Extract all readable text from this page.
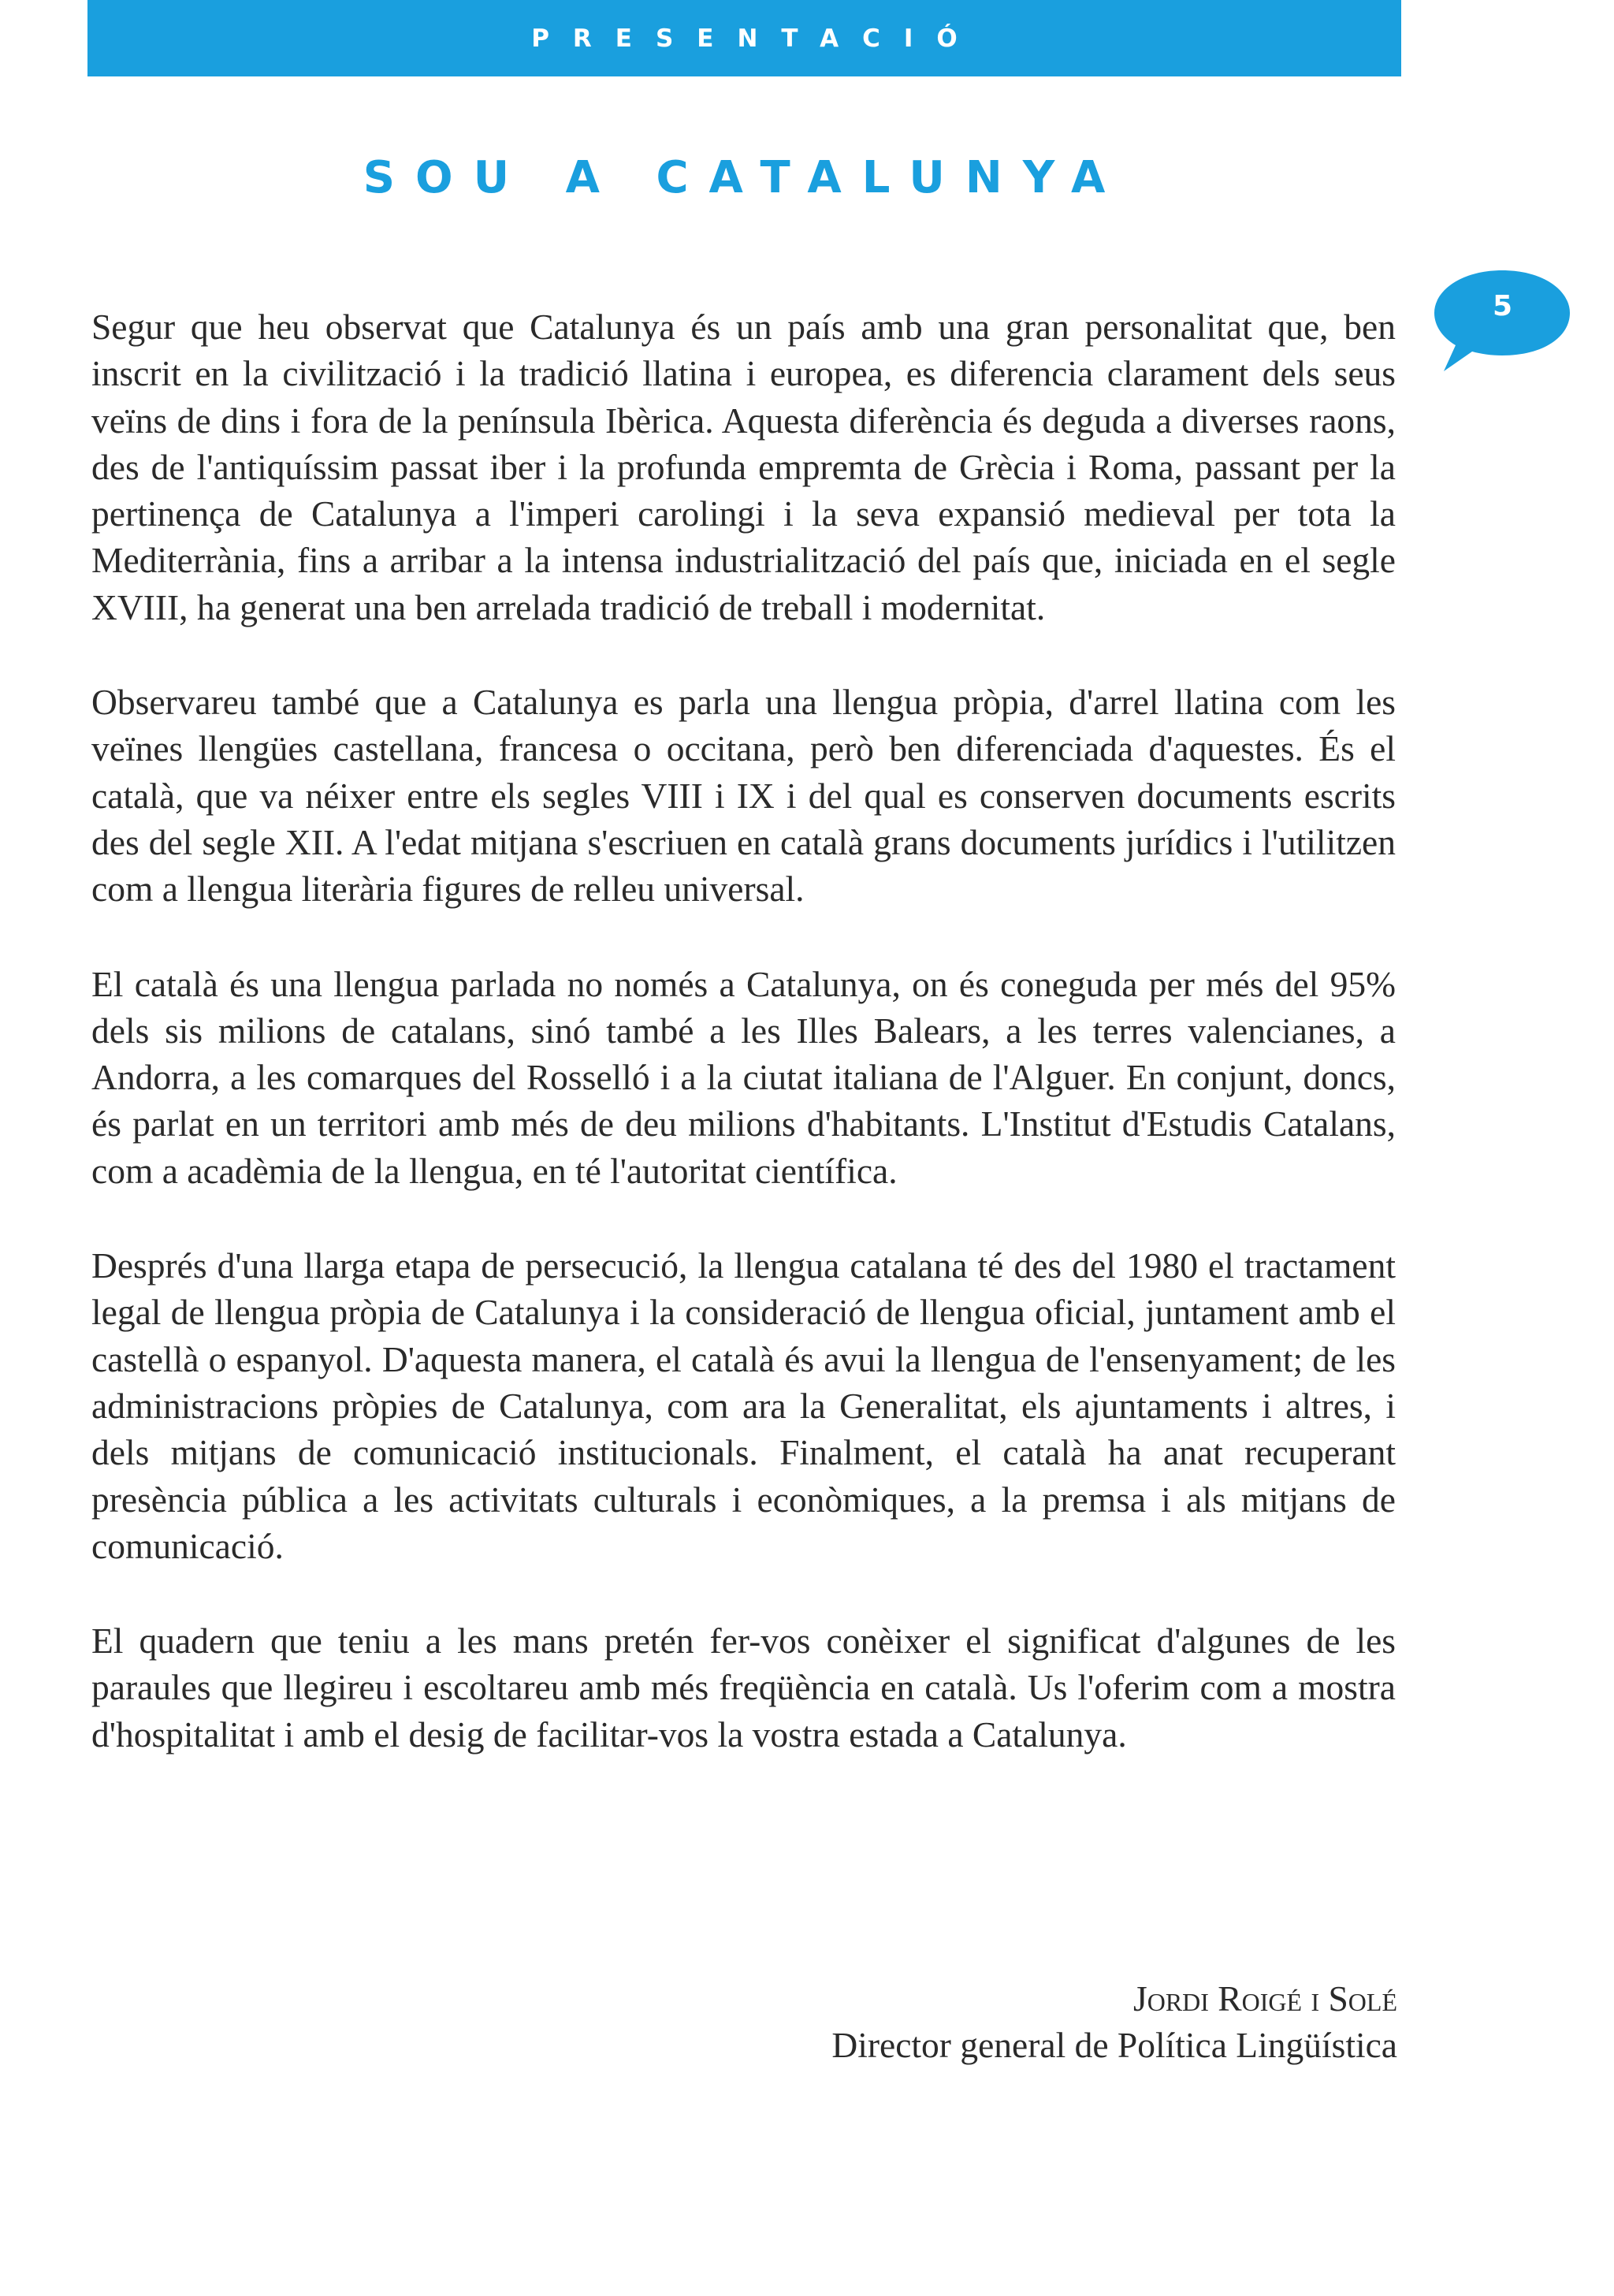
PRESENTACIÓ
SOU A CATALUNYA
5

Segur que heu observat que Catalunya és un país amb una gran personalitat que, ben inscrit en la civilització i la tradició llatina i europea, es diferencia clarament dels seus veïns de dins i fora de la península Ibèrica. Aquesta diferència és deguda a diverses raons, des de l'antiquíssim passat iber i la profunda empremta de Grècia i Roma, passant per la pertinença de Catalunya a l'imperi carolingi i la seva expansió medieval per tota la Mediterrània, fins a arribar a la intensa industrialització del país que, iniciada en el segle XVIII, ha generat una ben arrelada tradició de treball i modernitat.

Observareu també que a Catalunya es parla una llengua pròpia, d'arrel llatina com les veïnes llengües castellana, francesa o occitana, però ben diferenciada d'aquestes. És el català, que va néixer entre els segles VIII i IX i del qual es conserven documents escrits des del segle XII. A l'edat mitjana s'escriuen en català grans documents jurídics i l'utilitzen com a llengua literària figures de relleu universal.

El català és una llengua parlada no només a Catalunya, on és coneguda per més del 95% dels sis milions de catalans, sinó també a les Illes Balears, a les terres valencianes, a Andorra, a les comarques del Rosselló i a la ciutat italiana de l'Alguer. En conjunt, doncs, és parlat en un territori amb més de deu milions d'habitants. L'Institut d'Estudis Catalans, com a acadèmia de la llengua, en té l'autoritat científica.

Després d'una llarga etapa de persecució, la llengua catalana té des del 1980 el tractament legal de llengua pròpia de Catalunya i la consideració de llengua oficial, juntament amb el castellà o espanyol. D'aquesta manera, el català és avui la llengua de l'ensenyament; de les administracions pròpies de Catalunya, com ara la Generalitat, els ajuntaments i altres, i dels mitjans de comunicació institucionals. Finalment, el català ha anat recuperant presència pública a les activitats culturals i econòmiques, a la premsa i als mitjans de comunicació.

El quadern que teniu a les mans pretén fer-vos conèixer el significat d'algunes de les paraules que llegireu i escoltareu amb més freqüència en català. Us l'oferim com a mostra d'hospitalitat i amb el desig de facilitar-vos la vostra estada a Catalunya.

Jordi Roigé i Solé
Director general de Política Lingüística
